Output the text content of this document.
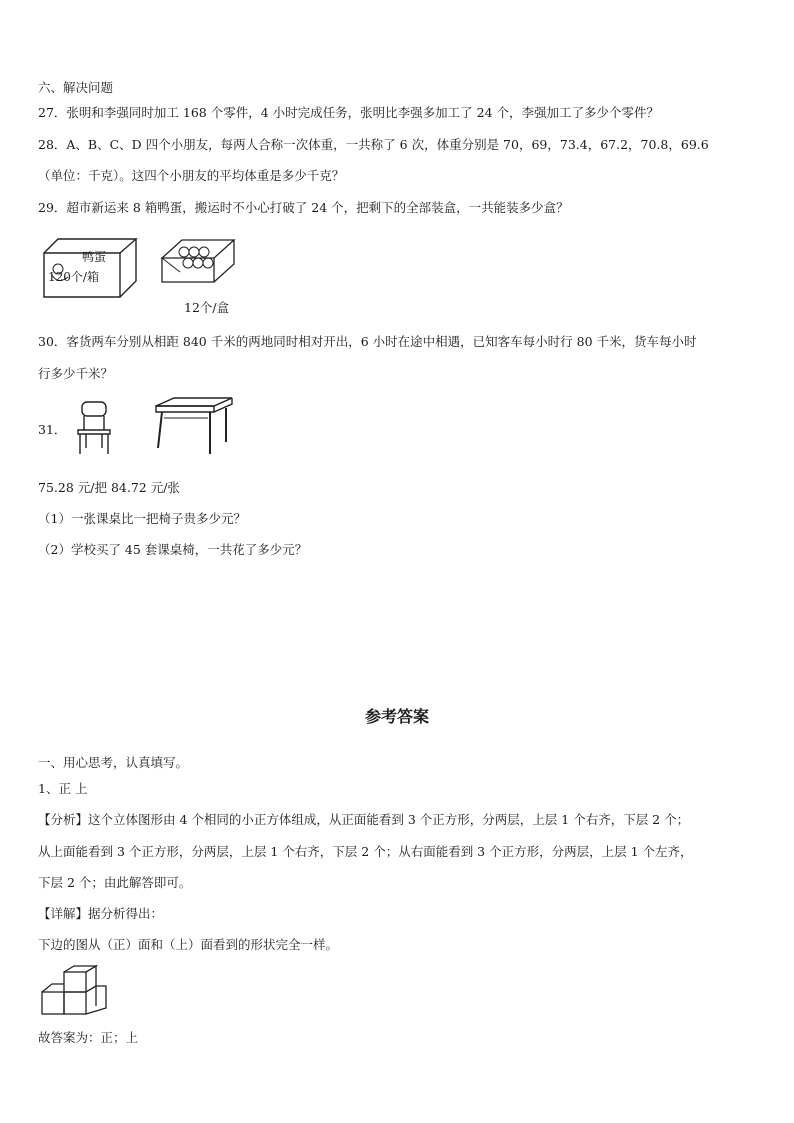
六、解决问题
27．张明和李强同时加工 168 个零件，4 小时完成任务，张明比李强多加工了 24 个，李强加工了多少个零件？
28．A、B、C、D 四个小朋友，每两人合称一次体重，一共称了 6 次，体重分别是 70，69，73.4，67.2，70.8，69.6
（单位：千克）。这四个小朋友的平均体重是多少千克？
29．超市新运来 8 箱鸭蛋，搬运时不小心打破了 24 个，把剩下的全部装盒，一共能装多少盒？
鸭蛋
120个/箱
12个/盒
30．客货两车分别从相距 840 千米的两地同时相对开出，6 小时在途中相遇，已知客车每小时行 80 千米，货车每小时
行多少千米？
31．
75.28 元/把 84.72 元/张
（1）一张课桌比一把椅子贵多少元？
（2）学校买了 45 套课桌椅，一共花了多少元？
参考答案
一、用心思考，认真填写。
1、正 上
【分析】这个立体图形由 4 个相同的小正方体组成，从正面能看到 3 个正方形，分两层，上层 1 个右齐，下层 2 个；
从上面能看到 3 个正方形，分两层，上层 1 个右齐，下层 2 个；从右面能看到 3 个正方形，分两层，上层 1 个左齐，
下层 2 个；由此解答即可。
【详解】据分析得出：
下边的图从（正）面和（上）面看到的形状完全一样。
故答案为：正；上
